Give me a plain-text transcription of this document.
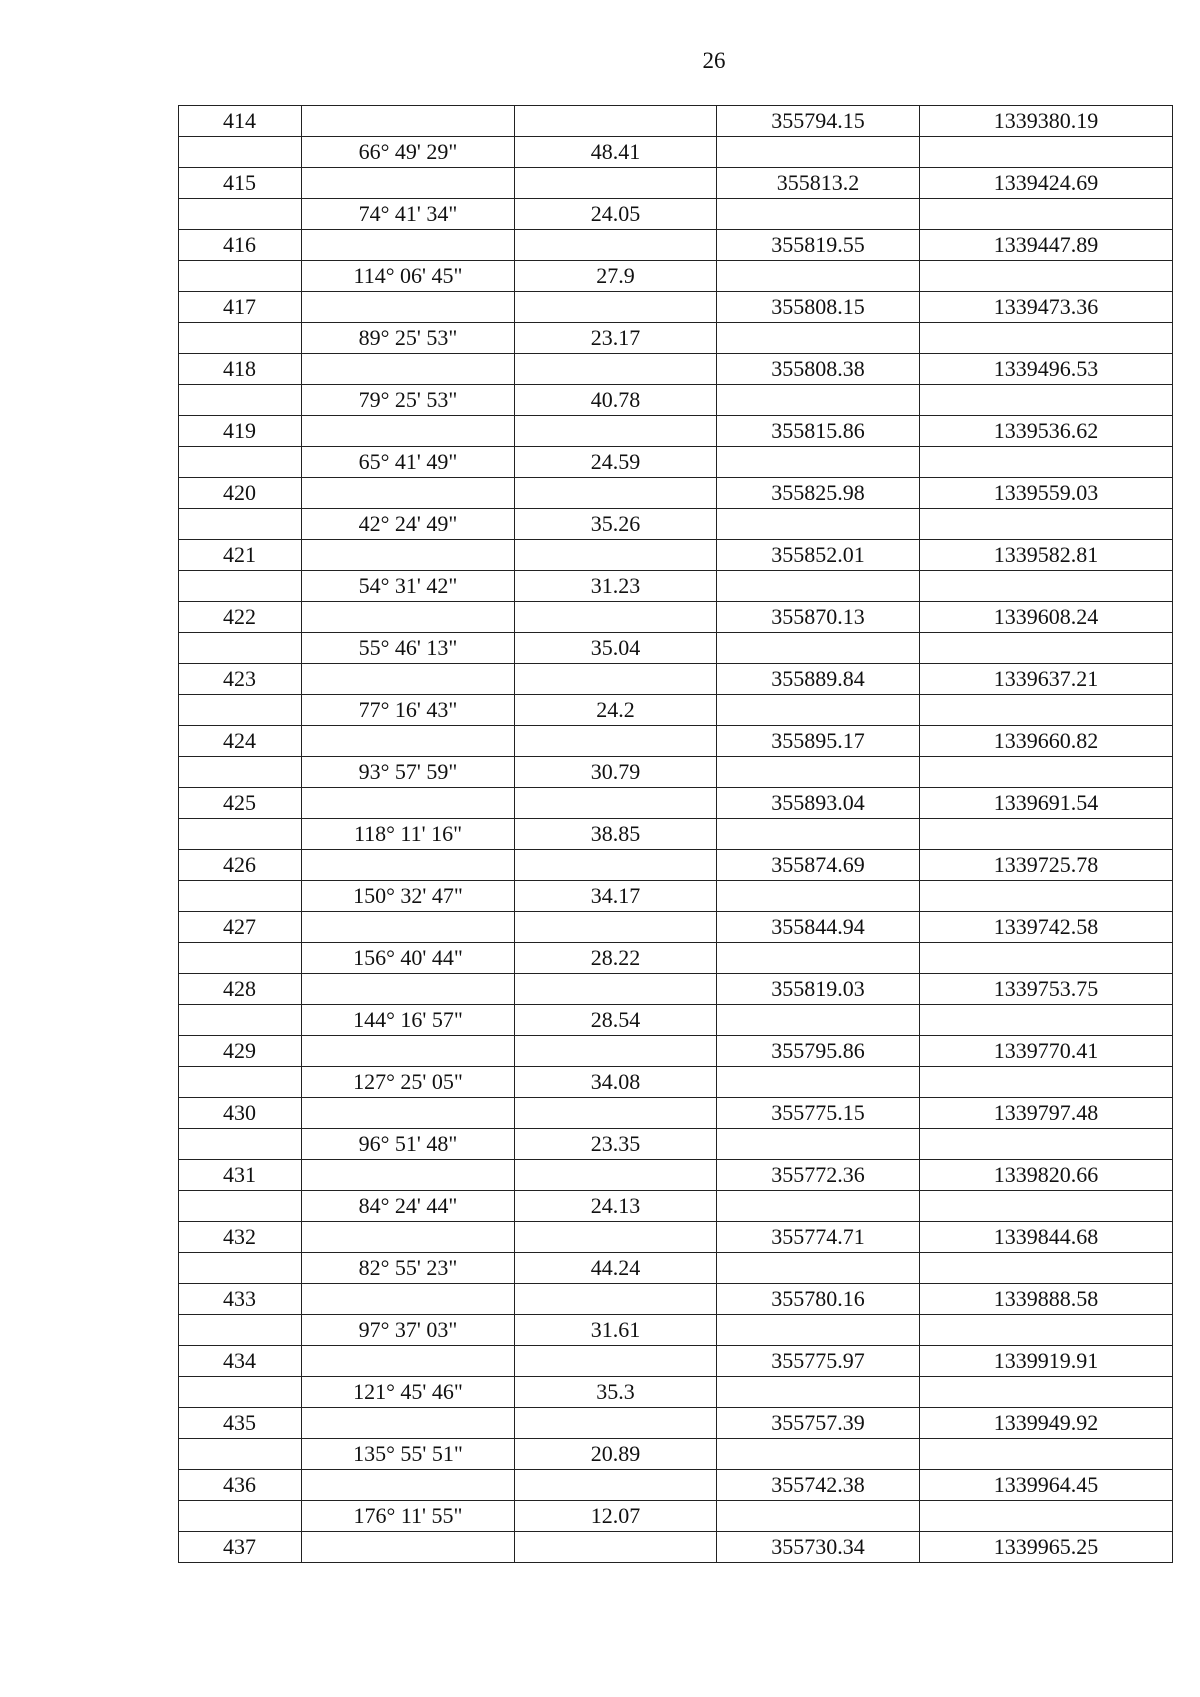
26
414			355794.15	1339380.19
	66° 49' 29"	48.41		
415			355813.2	1339424.69
	74° 41' 34"	24.05		
416			355819.55	1339447.89
	114° 06' 45"	27.9		
417			355808.15	1339473.36
	89° 25' 53"	23.17		
418			355808.38	1339496.53
	79° 25' 53"	40.78		
419			355815.86	1339536.62
	65° 41' 49"	24.59		
420			355825.98	1339559.03
	42° 24' 49"	35.26		
421			355852.01	1339582.81
	54° 31' 42"	31.23		
422			355870.13	1339608.24
	55° 46' 13"	35.04		
423			355889.84	1339637.21
	77° 16' 43"	24.2		
424			355895.17	1339660.82
	93° 57' 59"	30.79		
425			355893.04	1339691.54
	118° 11' 16"	38.85		
426			355874.69	1339725.78
	150° 32' 47"	34.17		
427			355844.94	1339742.58
	156° 40' 44"	28.22		
428			355819.03	1339753.75
	144° 16' 57"	28.54		
429			355795.86	1339770.41
	127° 25' 05"	34.08		
430			355775.15	1339797.48
	96° 51' 48"	23.35		
431			355772.36	1339820.66
	84° 24' 44"	24.13		
432			355774.71	1339844.68
	82° 55' 23"	44.24		
433			355780.16	1339888.58
	97° 37' 03"	31.61		
434			355775.97	1339919.91
	121° 45' 46"	35.3		
435			355757.39	1339949.92
	135° 55' 51"	20.89		
436			355742.38	1339964.45
	176° 11' 55"	12.07		
437			355730.34	1339965.25
